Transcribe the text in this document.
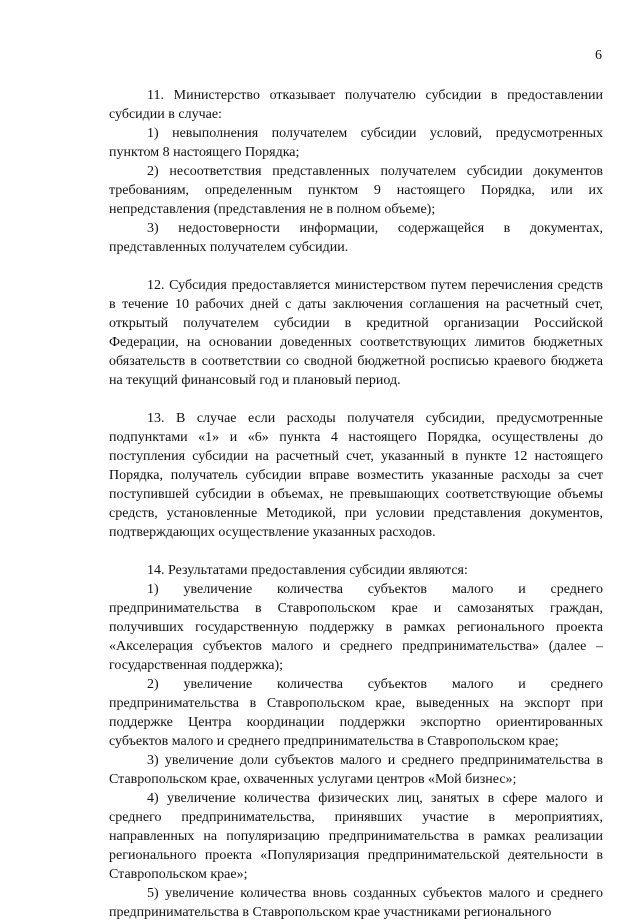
6

11. Министерство отказывает получателю субсидии в предоставлении субсидии в случае:

1) невыполнения получателем субсидии условий, предусмотренных пунктом 8 настоящего Порядка;

2) несоответствия представленных получателем субсидии документов требованиям, определенным пунктом 9 настоящего Порядка, или их непредставления (представления не в полном объеме);

3) недостоверности информации, содержащейся в документах, представленных получателем субсидии.

12. Субсидия предоставляется министерством путем перечисления средств в течение 10 рабочих дней с даты заключения соглашения на расчетный счет, открытый получателем субсидии в кредитной организации Российской Федерации, на основании доведенных соответствующих лимитов бюджетных обязательств в соответствии со сводной бюджетной росписью краевого бюджета на текущий финансовый год и плановый период.

13. В случае если расходы получателя субсидии, предусмотренные подпунктами «1» и «6» пункта 4 настоящего Порядка, осуществлены до поступления субсидии на расчетный счет, указанный в пункте 12 настоящего Порядка, получатель субсидии вправе возместить указанные расходы за счет поступившей субсидии в объемах, не превышающих соответствующие объемы средств, установленные Методикой, при условии представления документов, подтверждающих осуществление указанных расходов.

14. Результатами предоставления субсидии являются:

1) увеличение количества субъектов малого и среднего предпринимательства в Ставропольском крае и самозанятых граждан, получивших государственную поддержку в рамках регионального проекта «Акселерация субъектов малого и среднего предпринимательства» (далее – государственная поддержка);

2) увеличение количества субъектов малого и среднего предпринимательства в Ставропольском крае, выведенных на экспорт при поддержке Центра координации поддержки экспортно ориентированных субъектов малого и среднего предпринимательства в Ставропольском крае;

3) увеличение доли субъектов малого и среднего предпринимательства в Ставропольском крае, охваченных услугами центров «Мой бизнес»;

4) увеличение количества физических лиц, занятых в сфере малого и среднего предпринимательства, принявших участие в мероприятиях, направленных на популяризацию предпринимательства в рамках реализации регионального проекта «Популяризация предпринимательской деятельности в Ставропольском крае»;

5) увеличение количества вновь созданных субъектов малого и среднего предпринимательства в Ставропольском крае участниками регионального
